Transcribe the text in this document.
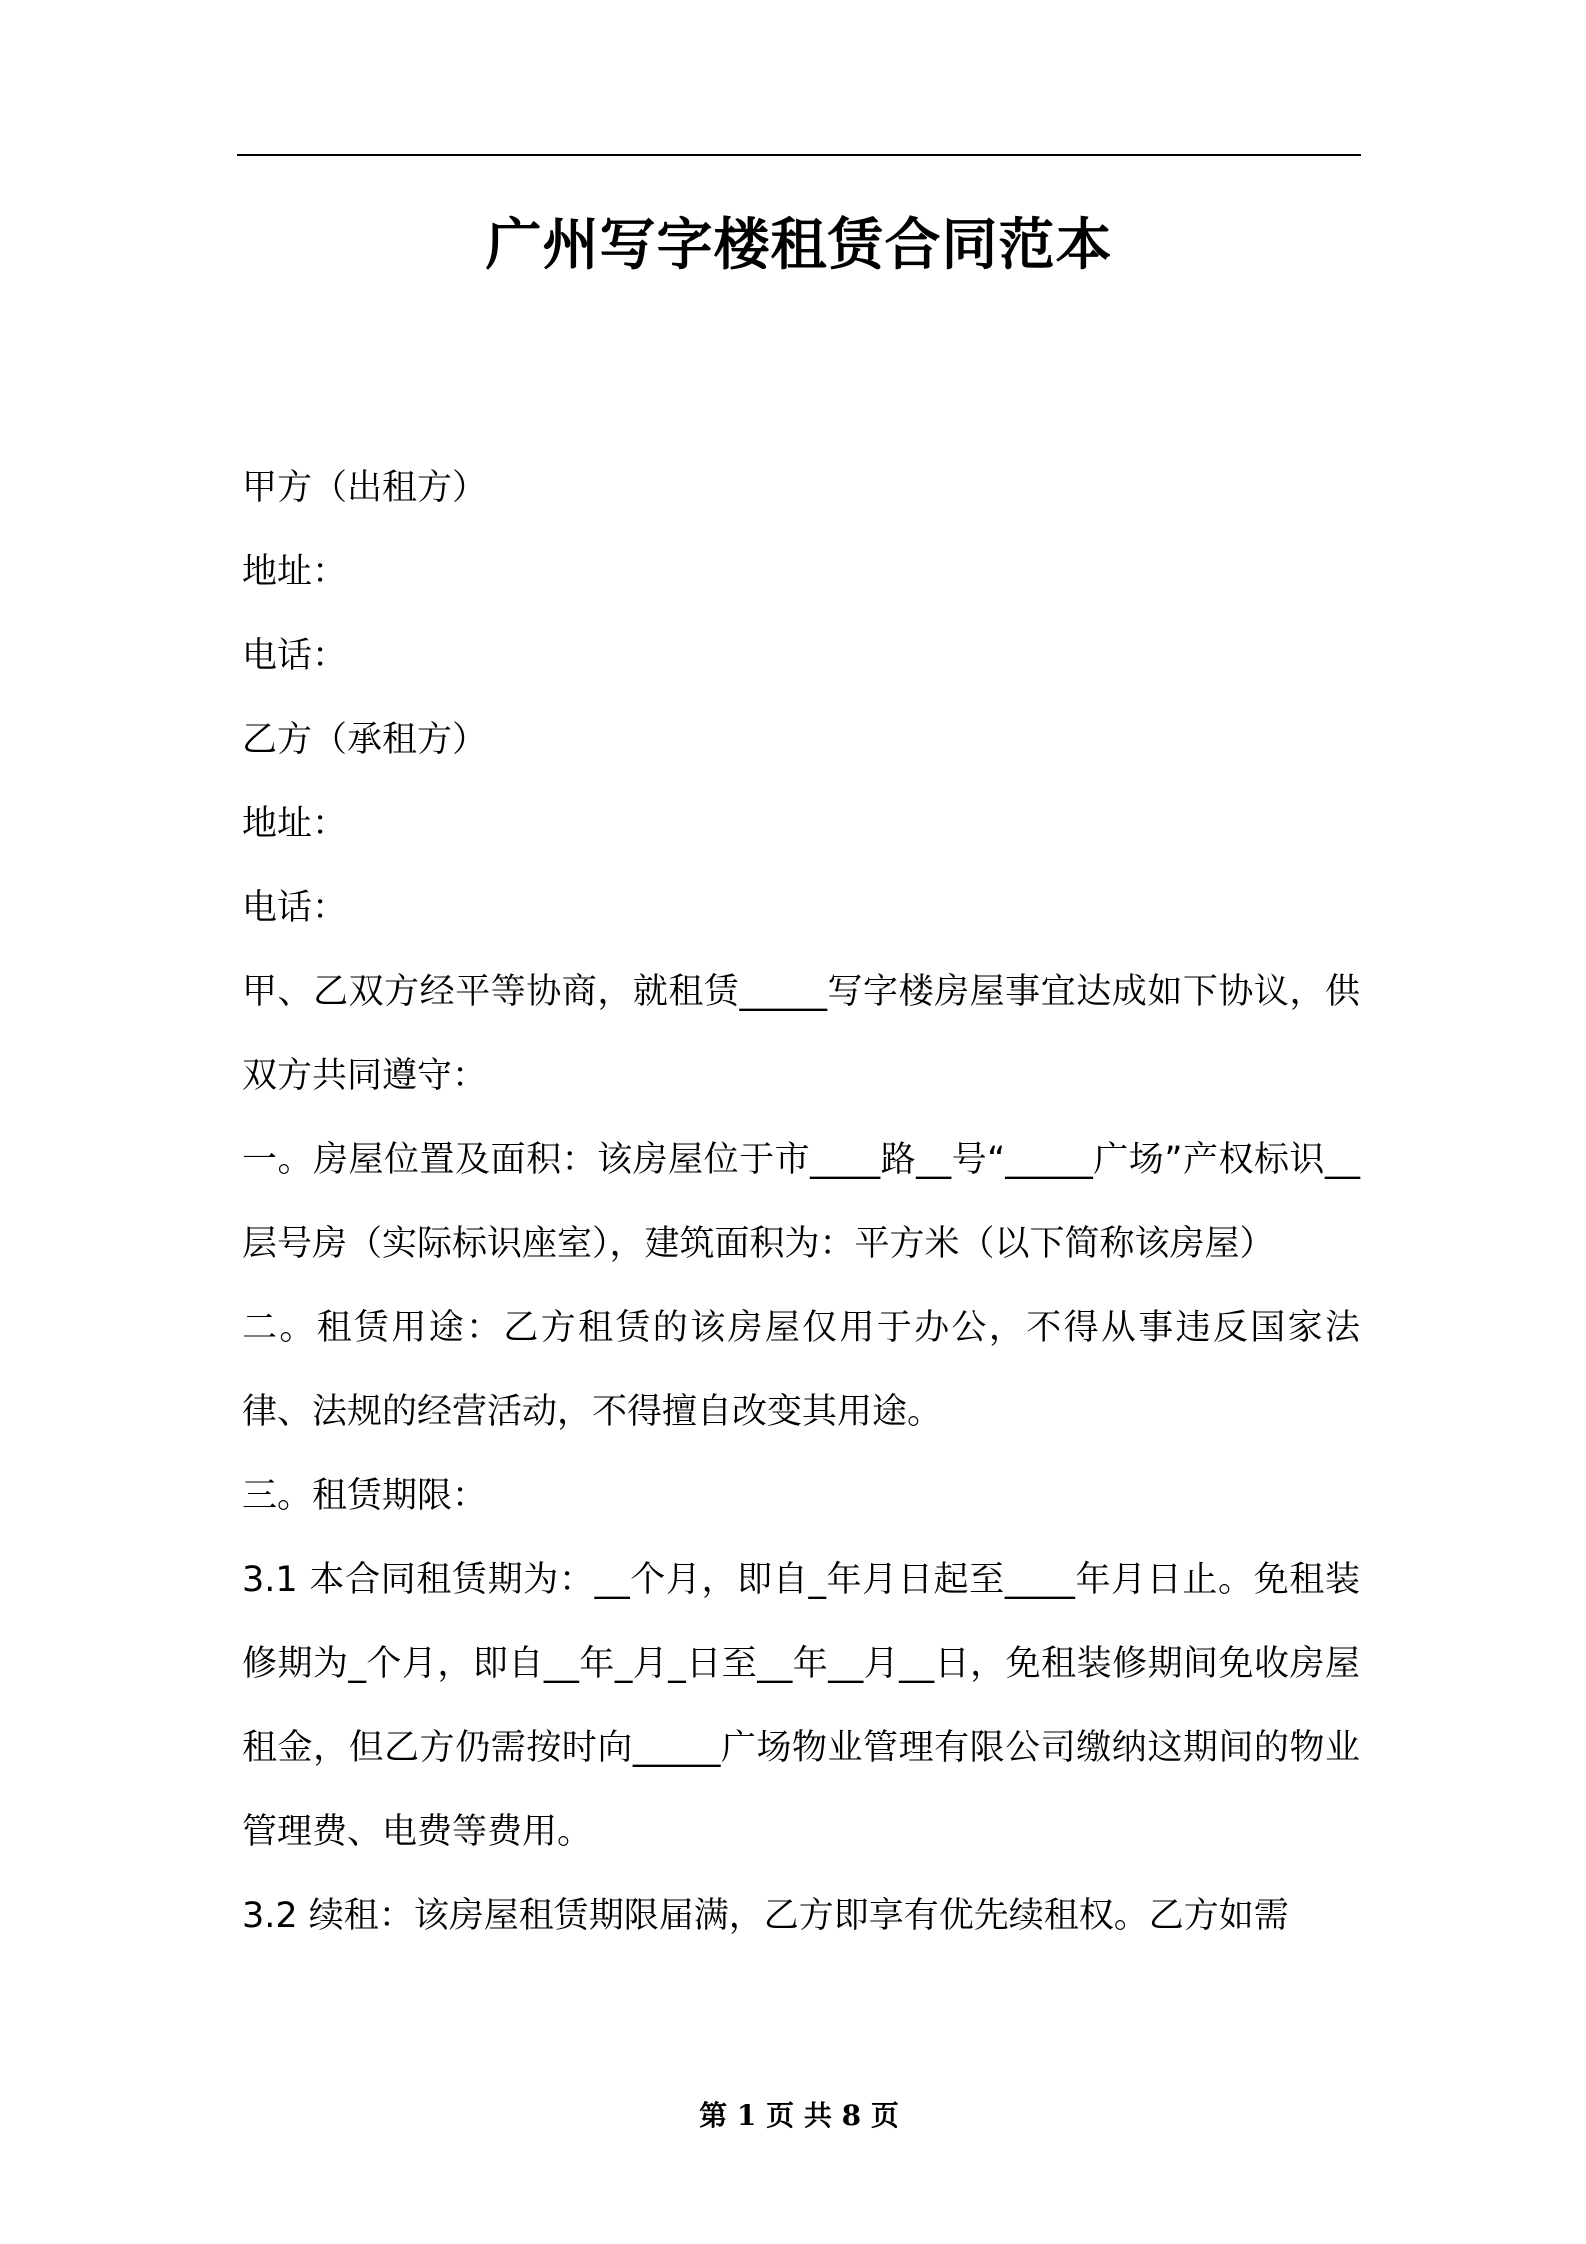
广州写字楼租赁合同范本

甲方（出租方）

地址：

电话：

乙方（承租方）

地址：

电话：

甲、乙双方经平等协商，就租赁_____写字楼房屋事宜达成如下协议，供双方共同遵守：

一。房屋位置及面积：该房屋位于市____路__号“_____广场”产权标识__层号房（实际标识座室），建筑面积为：平方米（以下简称该房屋）

二。租赁用途：乙方租赁的该房屋仅用于办公，不得从事违反国家法律、法规的经营活动，不得擅自改变其用途。

三。租赁期限：

3.1 本合同租赁期为：__个月，即自_年月日起至____年月日止。免租装修期为_个月，即自__年_月_日至__年__月__日，免租装修期间免收房屋租金，但乙方仍需按时向_____广场物业管理有限公司缴纳这期间的物业管理费、电费等费用。

3.2 续租：该房屋租赁期限届满，乙方即享有优先续租权。乙方如需

第 1 页 共 8 页
